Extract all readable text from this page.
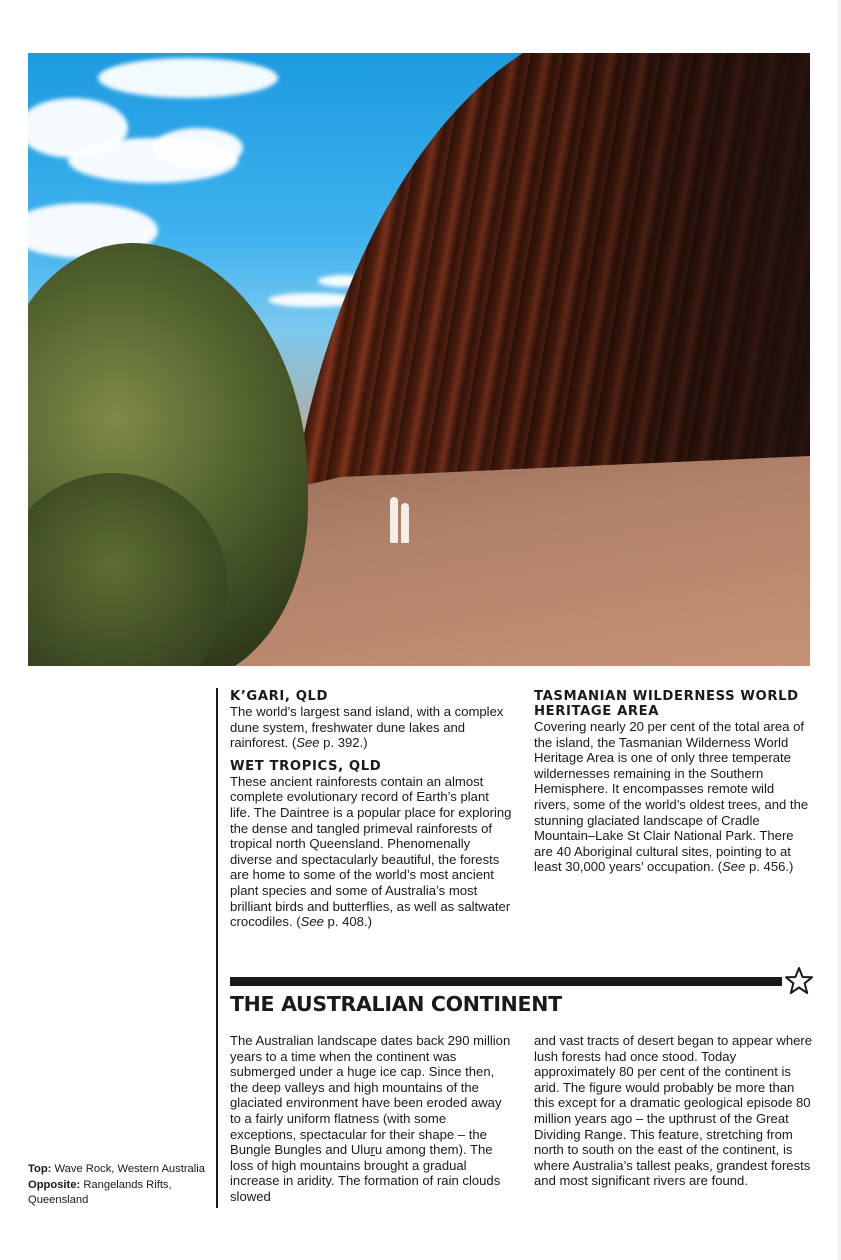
K’GARI, QLD

The world’s largest sand island, with a complex dune system, freshwater dune lakes and rainforest. (See p. 392.)

WET TROPICS, QLD

These ancient rainforests contain an almost complete evolutionary record of Earth’s plant life. The Daintree is a popular place for exploring the dense and tangled primeval rainforests of tropical north Queensland. Phenomenally diverse and spectacularly beautiful, the forests are home to some of the world’s most ancient plant species and some of Australia’s most brilliant birds and butterflies, as well as saltwater crocodiles. (See p. 408.)

TASMANIAN WILDERNESS WORLD HERITAGE AREA

Covering nearly 20 per cent of the total area of the island, the Tasmanian Wilderness World Heritage Area is one of only three temperate wildernesses remaining in the Southern Hemisphere. It encompasses remote wild rivers, some of the world’s oldest trees, and the stunning glaciated landscape of Cradle Mountain–Lake St Clair National Park. There are 40 Aboriginal cultural sites, pointing to at least 30,000 years’ occupation. (See p. 456.)

THE AUSTRALIAN CONTINENT

The Australian landscape dates back 290 million years to a time when the continent was submerged under a huge ice cap. Since then, the deep valleys and high mountains of the glaciated environment have been eroded away to a fairly uniform flatness (with some exceptions, spectacular for their shape – the Bungle Bungles and Uluru among them). The loss of high mountains brought a gradual increase in aridity. The formation of rain clouds slowed

and vast tracts of desert began to appear where lush forests had once stood. Today approximately 80 per cent of the continent is arid. The figure would probably be more than this except for a dramatic geological episode 80 million years ago – the upthrust of the Great Dividing Range. This feature, stretching from north to south on the east of the continent, is where Australia’s tallest peaks, grandest forests and most significant rivers are found.

Top: Wave Rock, Western Australia Opposite: Rangelands Rifts, Queensland
